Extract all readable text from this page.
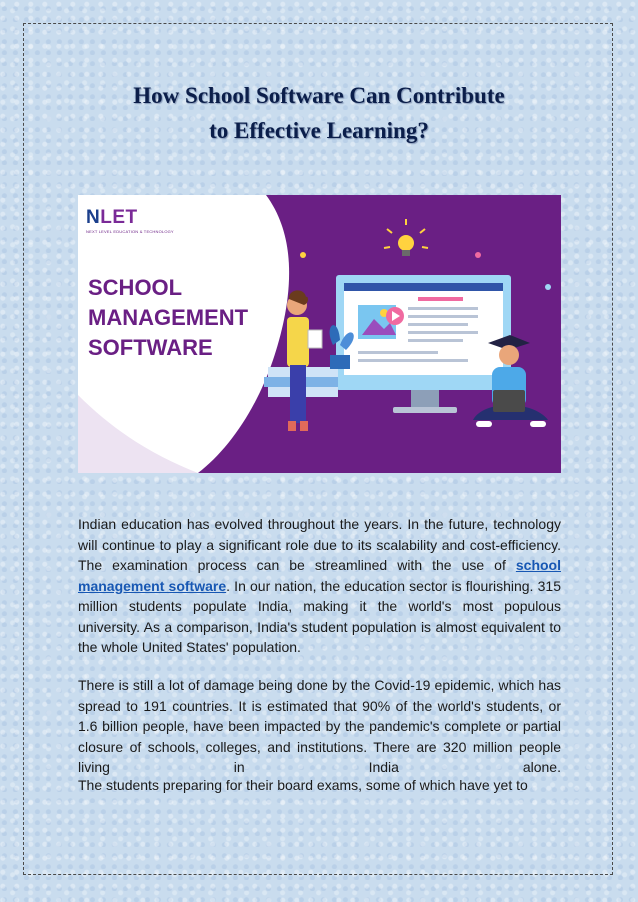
How School Software Can Contribute
to Effective Learning?
NLET
NEXT LEVEL EDUCATION & TECHNOLOGY
SCHOOL
MANAGEMENT
SOFTWARE

Indian education has evolved throughout the years. In the future, technology will continue to play a significant role due to its scalability and cost-efficiency. The examination process can be streamlined with the use of school management software. In our nation, the education sector is flourishing. 315 million students populate India, making it the world's most populous university. As a comparison, India's student population is almost equivalent to the whole United States' population.

There is still a lot of damage being done by the Covid-19 epidemic, which has spread to 191 countries. It is estimated that 90% of the world's students, or 1.6 billion people, have been impacted by the pandemic's complete or partial closure of schools, colleges, and institutions. There are 320 million people living in India alone.

The students preparing for their board exams, some of which have yet to
